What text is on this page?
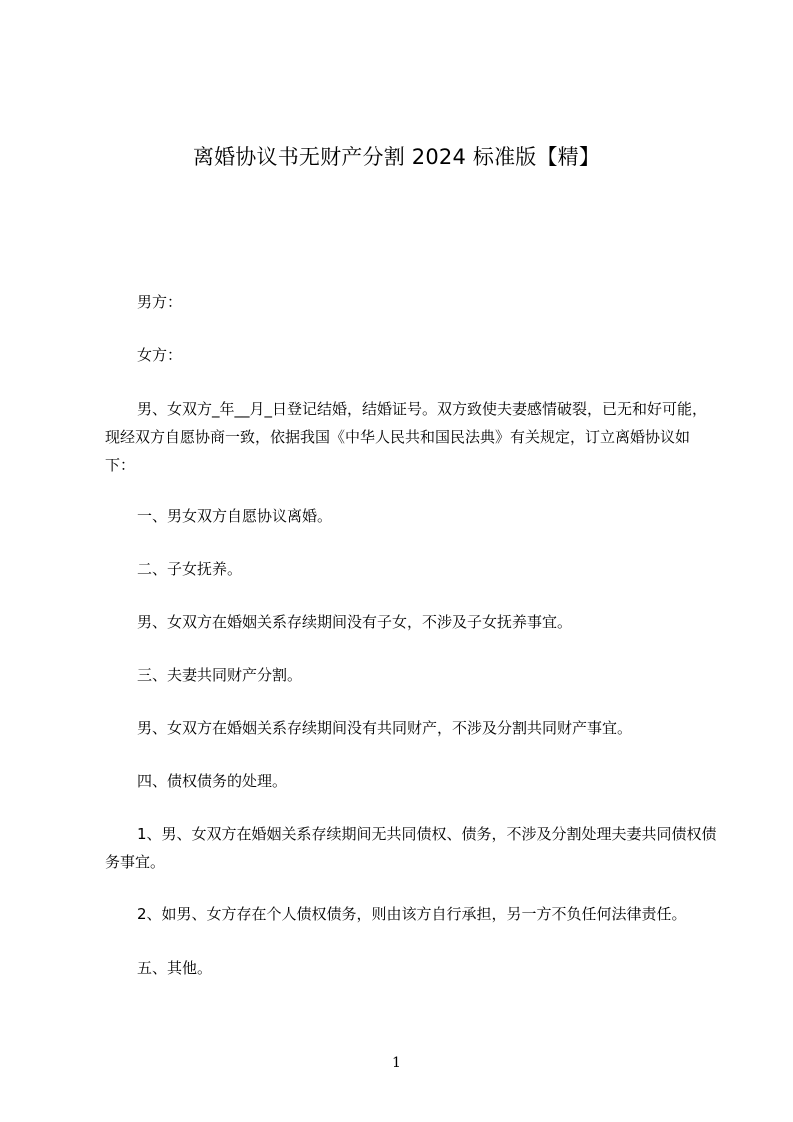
离婚协议书无财产分割 2024 标准版【精】
男方：
女方：
男、女双方_年__月_日登记结婚，结婚证号。双方致使夫妻感情破裂，已无和好可能，现经双方自愿协商一致，依据我国《中华人民共和国民法典》有关规定，订立离婚协议如下：
一、男女双方自愿协议离婚。
二、子女抚养。
男、女双方在婚姻关系存续期间没有子女，不涉及子女抚养事宜。
三、夫妻共同财产分割。
男、女双方在婚姻关系存续期间没有共同财产，不涉及分割共同财产事宜。
四、债权债务的处理。
1、男、女双方在婚姻关系存续期间无共同债权、债务，不涉及分割处理夫妻共同债权债务事宜。
2、如男、女方存在个人债权债务，则由该方自行承担，另一方不负任何法律责任。
五、其他。
1
